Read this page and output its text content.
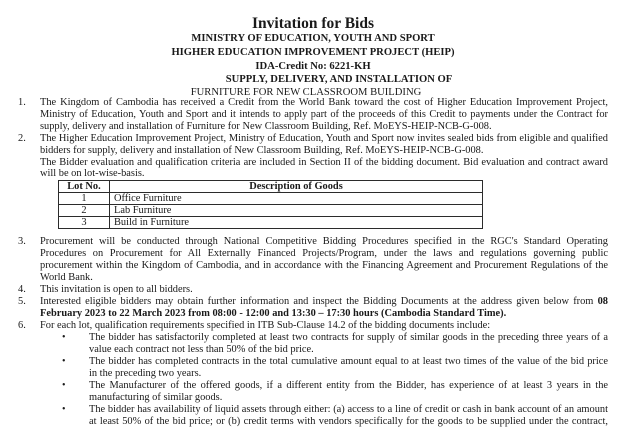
Invitation for Bids
MINISTRY OF EDUCATION, YOUTH AND SPORT
HIGHER EDUCATION IMPROVEMENT PROJECT (HEIP)
IDA-Credit No: 6221-KH
SUPPLY, DELIVERY, AND INSTALLATION OF
FURNITURE FOR NEW CLASSROOM BUILDING
1. The Kingdom of Cambodia has received a Credit from the World Bank toward the cost of Higher Education Improvement Project,
Ministry of Education, Youth and Sport and it intends to apply part of the proceeds of this Credit to payments under the Contract for
supply, delivery and installation of Furniture for New Classroom Building, Ref. MoEYS-HEIP-NCB-G-008.
2. The Higher Education Improvement Project, Ministry of Education, Youth and Sport now invites sealed bids from eligible and qualified
bidders for supply, delivery and installation of New Classroom Building, Ref. MoEYS-HEIP-NCB-G-008.
The Bidder evaluation and qualification criteria are included in Section II of the bidding document. Bid evaluation and contract award
will be on lot-wise-basis.
Lot No.	Description of Goods
1	Office Furniture
2	Lab Furniture
3	Build in Furniture
3. Procurement will be conducted through National Competitive Bidding Procedures specified in the RGC's Standard Operating
Procedures on Procurement for All Externally Financed Projects/Program, under the laws and regulations governing public
procurement within the Kingdom of Cambodia, and in accordance with the Financing Agreement and Procurement Regulations of the
World Bank.
4. This invitation is open to all bidders.
5. Interested eligible bidders may obtain further information and inspect the Bidding Documents at the address given below from 08
February 2023 to 22 March 2023 from 08:00 - 12:00 and 13:30 – 17:30 hours (Cambodia Standard Time).
6. For each lot, qualification requirements specified in ITB Sub-Clause 14.2 of the bidding documents include:
• The bidder has satisfactorily completed at least two contracts for supply of similar goods in the preceding three years of a
value each contract not less than 50% of the bid price.
• The bidder has completed contracts in the total cumulative amount equal to at least two times of the value of the bid price
in the preceding two years.
• The Manufacturer of the offered goods, if a different entity from the Bidder, has experience of at least 3 years in the
manufacturing of similar goods.
• The bidder has availability of liquid assets through either: (a) access to a line of credit or cash in bank account of an amount
at least 50% of the bid price; or (b) credit terms with vendors specifically for the goods to be supplied under the contract,
